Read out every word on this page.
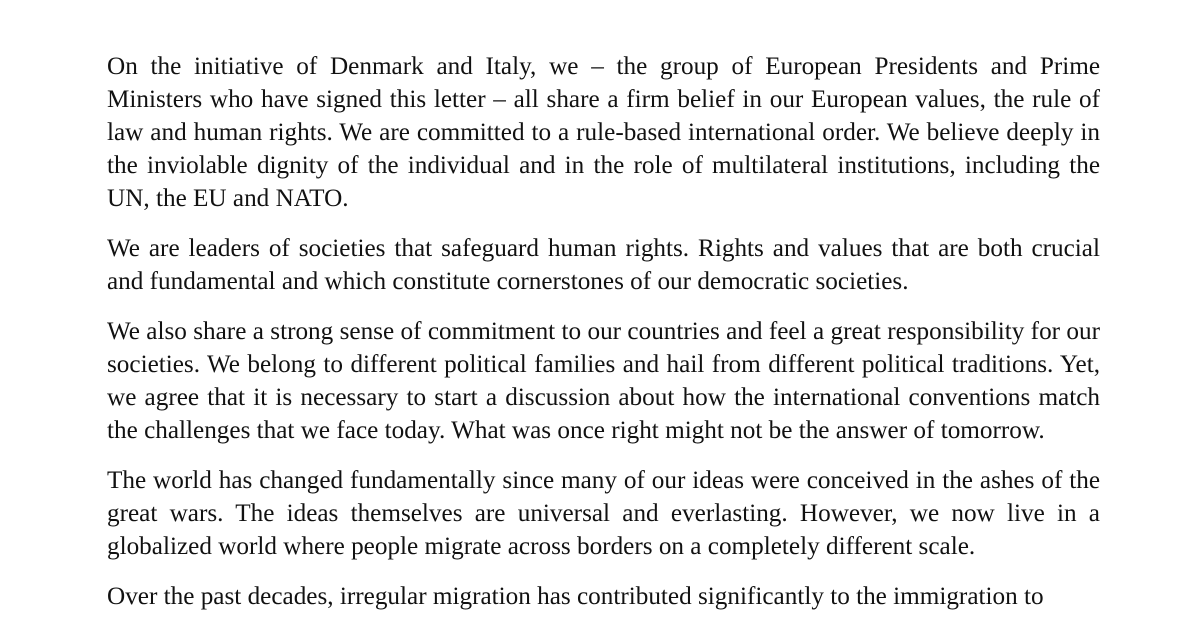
On the initiative of Denmark and Italy, we – the group of European Presidents and Prime Ministers who have signed this letter – all share a firm belief in our European values, the rule of law and human rights. We are committed to a rule-based international order. We believe deeply in the inviolable dignity of the individual and in the role of multilateral institutions, including the UN, the EU and NATO.

We are leaders of societies that safeguard human rights. Rights and values that are both crucial and fundamental and which constitute cornerstones of our democratic societies.

We also share a strong sense of commitment to our countries and feel a great responsibility for our societies. We belong to different political families and hail from different political traditions. Yet, we agree that it is necessary to start a discussion about how the international conventions match the challenges that we face today. What was once right might not be the answer of tomorrow.

The world has changed fundamentally since many of our ideas were conceived in the ashes of the great wars. The ideas themselves are universal and everlasting. However, we now live in a globalized world where people migrate across borders on a completely different scale.

Over the past decades, irregular migration has contributed significantly to the immigration to
